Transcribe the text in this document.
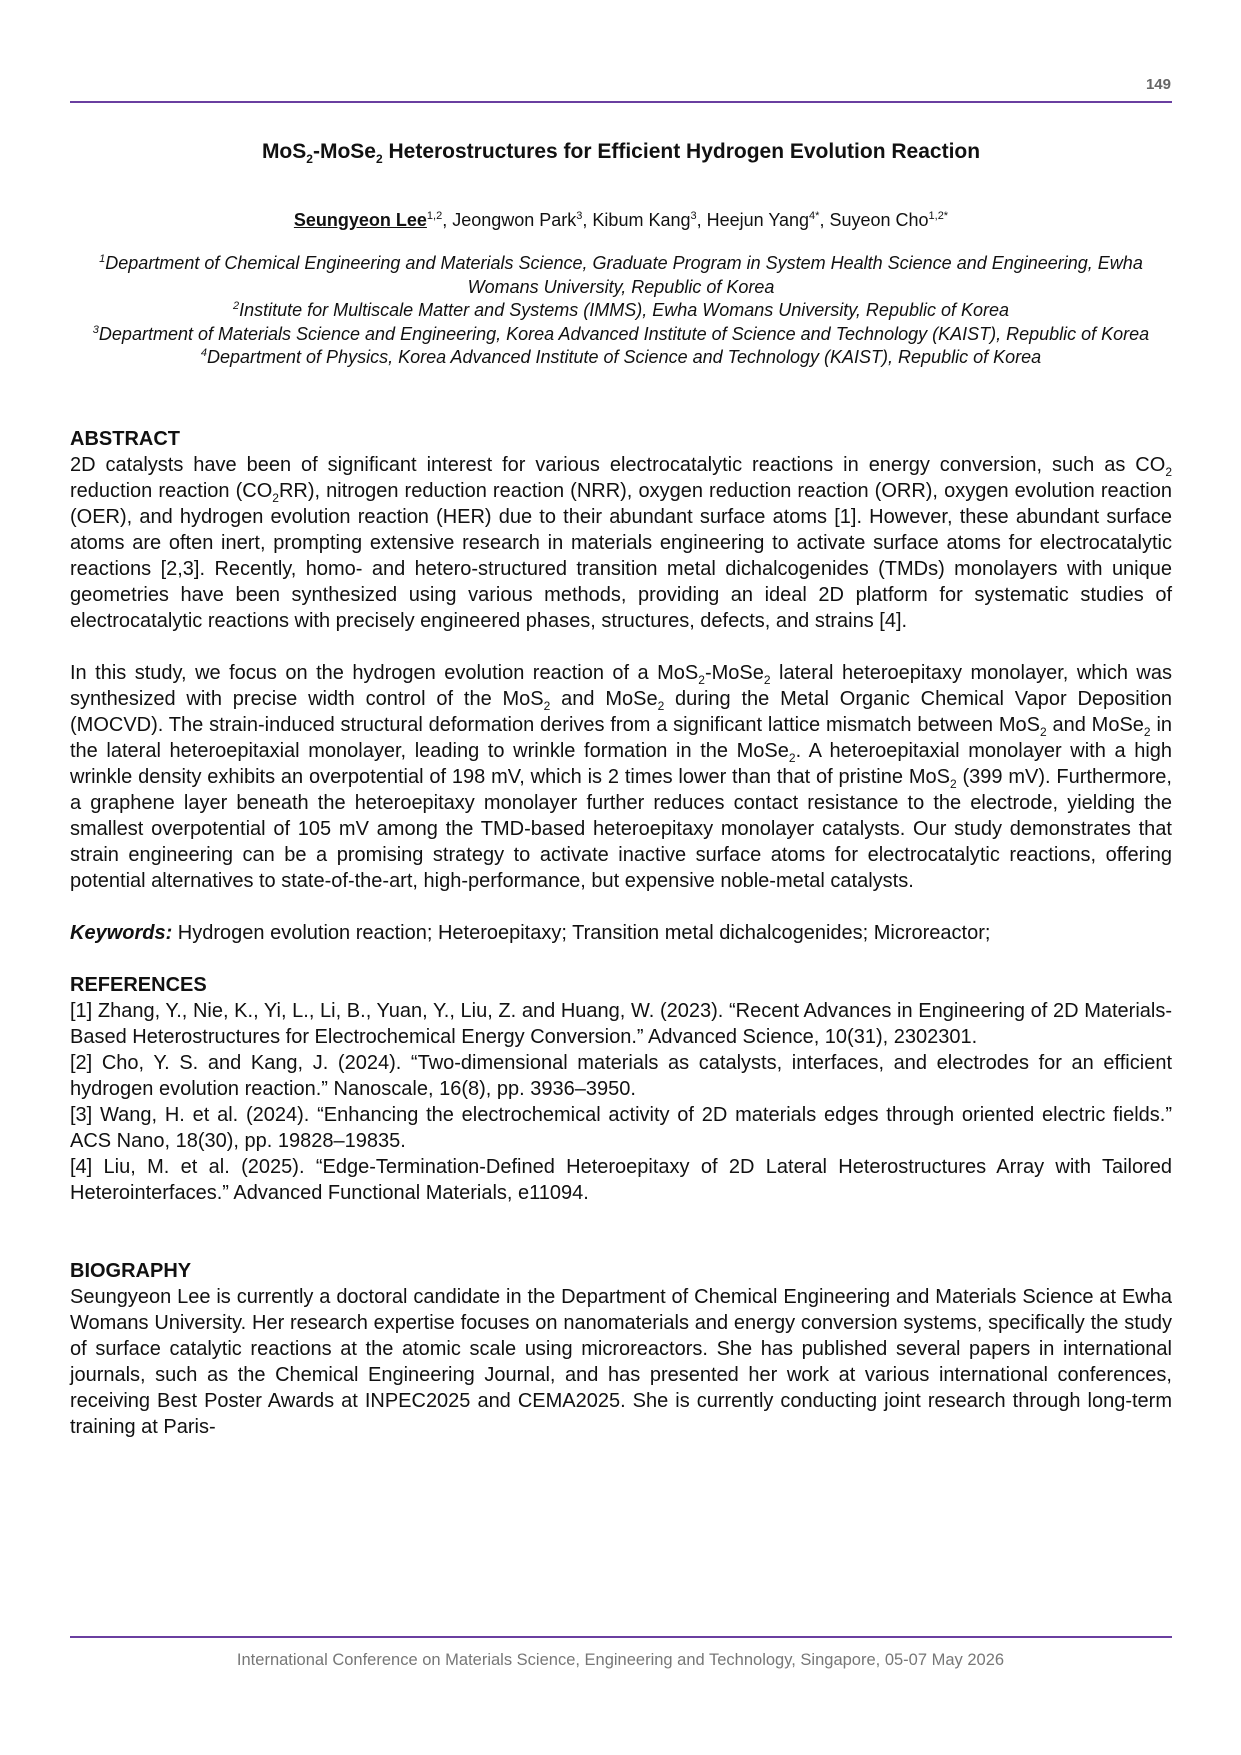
149
MoS$_2$-MoSe$_2$ Heterostructures for Efficient Hydrogen Evolution Reaction
Seungyeon Lee$^{1,2}$, Jeongwon Park$^3$, Kibum Kang$^3$, Heejun Yang$^{4*}$, Suyeon Cho$^{1,2*}$
$^1$Department of Chemical Engineering and Materials Science, Graduate Program in System Health Science and Engineering, Ewha Womans University, Republic of Korea
$^2$Institute for Multiscale Matter and Systems (IMMS), Ewha Womans University, Republic of Korea
$^3$Department of Materials Science and Engineering, Korea Advanced Institute of Science and Technology (KAIST), Republic of Korea
$^4$Department of Physics, Korea Advanced Institute of Science and Technology (KAIST), Republic of Korea
ABSTRACT

2D catalysts have been of significant interest for various electrocatalytic reactions in energy conversion, such as $CO_2$ reduction reaction $(CO_2RR)$, nitrogen reduction reaction (NRR), oxygen reduction reaction (ORR), oxygen evolution reaction (OER), and hydrogen evolution reaction (HER) due to their abundant surface atoms [1]. However, these abundant surface atoms are often inert, prompting extensive research in materials engineering to activate surface atoms for electrocatalytic reactions [2,3]. Recently, homo- and hetero-structured transition metal dichalcogenides (TMDs) monolayers with unique geometries have been synthesized using various methods, providing an ideal 2D platform for systematic studies of electrocatalytic reactions with precisely engineered phases, structures, defects, and strains [4].

In this study, we focus on the hydrogen evolution reaction of a MoS$_2$-MoSe$_2$ lateral heteroepitaxy monolayer, which was synthesized with precise width control of the MoS$_2$ and MoSe$_2$ during the Metal Organic Chemical Vapor Deposition (MOCVD). The strain-induced structural deformation derives from a significant lattice mismatch between MoS$_2$ and MoSe$_2$ in the lateral heteroepitaxial monolayer, leading to wrinkle formation in the MoSe$_2$. A heteroepitaxial monolayer with a high wrinkle density exhibits an overpotential of 198 mV, which is 2 times lower than that of pristine MoS$_2$ (399 mV). Furthermore, a graphene layer beneath the heteroepitaxy monolayer further reduces contact resistance to the electrode, yielding the smallest overpotential of 105 mV among the TMD-based heteroepitaxy monolayer catalysts. Our study demonstrates that strain engineering can be a promising strategy to activate inactive surface atoms for electrocatalytic reactions, offering potential alternatives to state-of-the-art, high-performance, but expensive noble-metal catalysts.

Keywords: Hydrogen evolution reaction; Heteroepitaxy; Transition metal dichalcogenides; Microreactor;

REFERENCES

[1] Zhang, Y., Nie, K., Yi, L., Li, B., Yuan, Y., Liu, Z. and Huang, W. (2023). “Recent Advances in Engineering of 2D Materials-Based Heterostructures for Electrochemical Energy Conversion.” Advanced Science, 10(31), 2302301.

[2] Cho, Y. S. and Kang, J. (2024). “Two-dimensional materials as catalysts, interfaces, and electrodes for an efficient hydrogen evolution reaction.” Nanoscale, 16(8), pp. 3936–3950.

[3] Wang, H. et al. (2024). “Enhancing the electrochemical activity of 2D materials edges through oriented electric fields.” ACS Nano, 18(30), pp. 19828–19835.

[4] Liu, M. et al. (2025). “Edge-Termination-Defined Heteroepitaxy of 2D Lateral Heterostructures Array with Tailored Heterointerfaces.” Advanced Functional Materials, e11094.

BIOGRAPHY

Seungyeon Lee is currently a doctoral candidate in the Department of Chemical Engineering and Materials Science at Ewha Womans University. Her research expertise focuses on nanomaterials and energy conversion systems, specifically the study of surface catalytic reactions at the atomic scale using microreactors. She has published several papers in international journals, such as the Chemical Engineering Journal, and has presented her work at various international conferences, receiving Best Poster Awards at INPEC2025 and CEMA2025. She is currently conducting joint research through long-term training at Paris-

International Conference on Materials Science, Engineering and Technology, Singapore, 05-07 May 2026
